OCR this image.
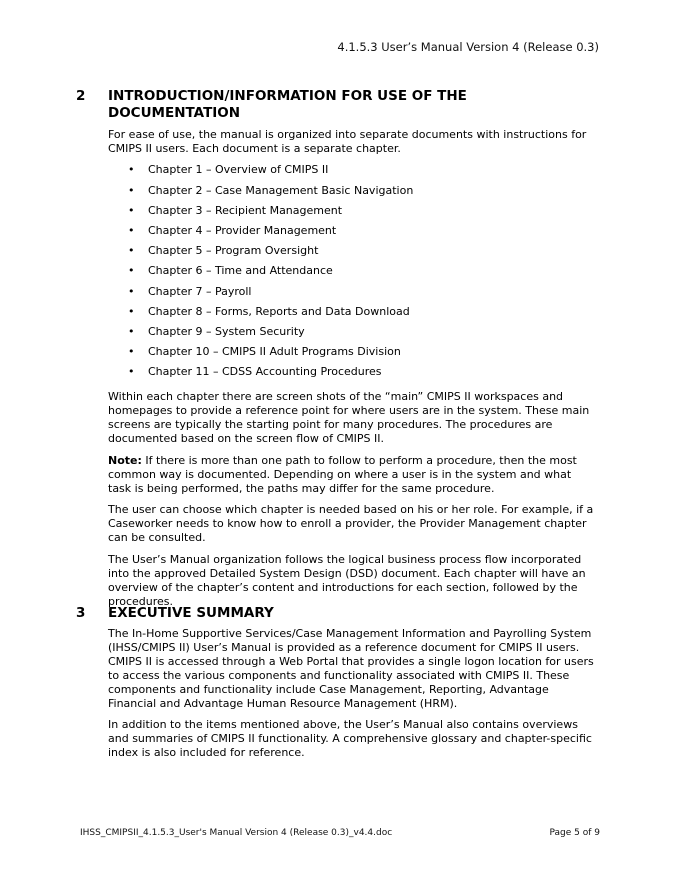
4.1.5.3 User’s Manual Version 4 (Release 0.3)
2	INTRODUCTION/INFORMATION FOR USE OF THE DOCUMENTATION

For ease of use, the manual is organized into separate documents with instructions for CMIPS II users. Each document is a separate chapter.

•	Chapter 1 – Overview of CMIPS II
•	Chapter 2 – Case Management Basic Navigation
•	Chapter 3 – Recipient Management
•	Chapter 4 – Provider Management
•	Chapter 5 – Program Oversight
•	Chapter 6 – Time and Attendance
•	Chapter 7 – Payroll
•	Chapter 8 – Forms, Reports and Data Download
•	Chapter 9 – System Security
•	Chapter 10 – CMIPS II Adult Programs Division
•	Chapter 11 – CDSS Accounting Procedures

Within each chapter there are screen shots of the “main” CMIPS II workspaces and homepages to provide a reference point for where users are in the system. These main screens are typically the starting point for many procedures. The procedures are documented based on the screen flow of CMIPS II.

Note: If there is more than one path to follow to perform a procedure, then the most common way is documented. Depending on where a user is in the system and what task is being performed, the paths may differ for the same procedure.

The user can choose which chapter is needed based on his or her role. For example, if a Caseworker needs to know how to enroll a provider, the Provider Management chapter can be consulted.

The User’s Manual organization follows the logical business process flow incorporated into the approved Detailed System Design (DSD) document. Each chapter will have an overview of the chapter’s content and introductions for each section, followed by the procedures.

3	EXECUTIVE SUMMARY

The In-Home Supportive Services/Case Management Information and Payrolling System (IHSS/CMIPS II) User’s Manual is provided as a reference document for CMIPS II users. CMIPS II is accessed through a Web Portal that provides a single logon location for users to access the various components and functionality associated with CMIPS II. These components and functionality include Case Management, Reporting, Advantage Financial and Advantage Human Resource Management (HRM).

In addition to the items mentioned above, the User’s Manual also contains overviews and summaries of CMIPS II functionality. A comprehensive glossary and chapter-specific index is also included for reference.

IHSS_CMIPSII_4.1.5.3_User's Manual Version 4 (Release 0.3)_v4.4.doc	Page 5 of 9
